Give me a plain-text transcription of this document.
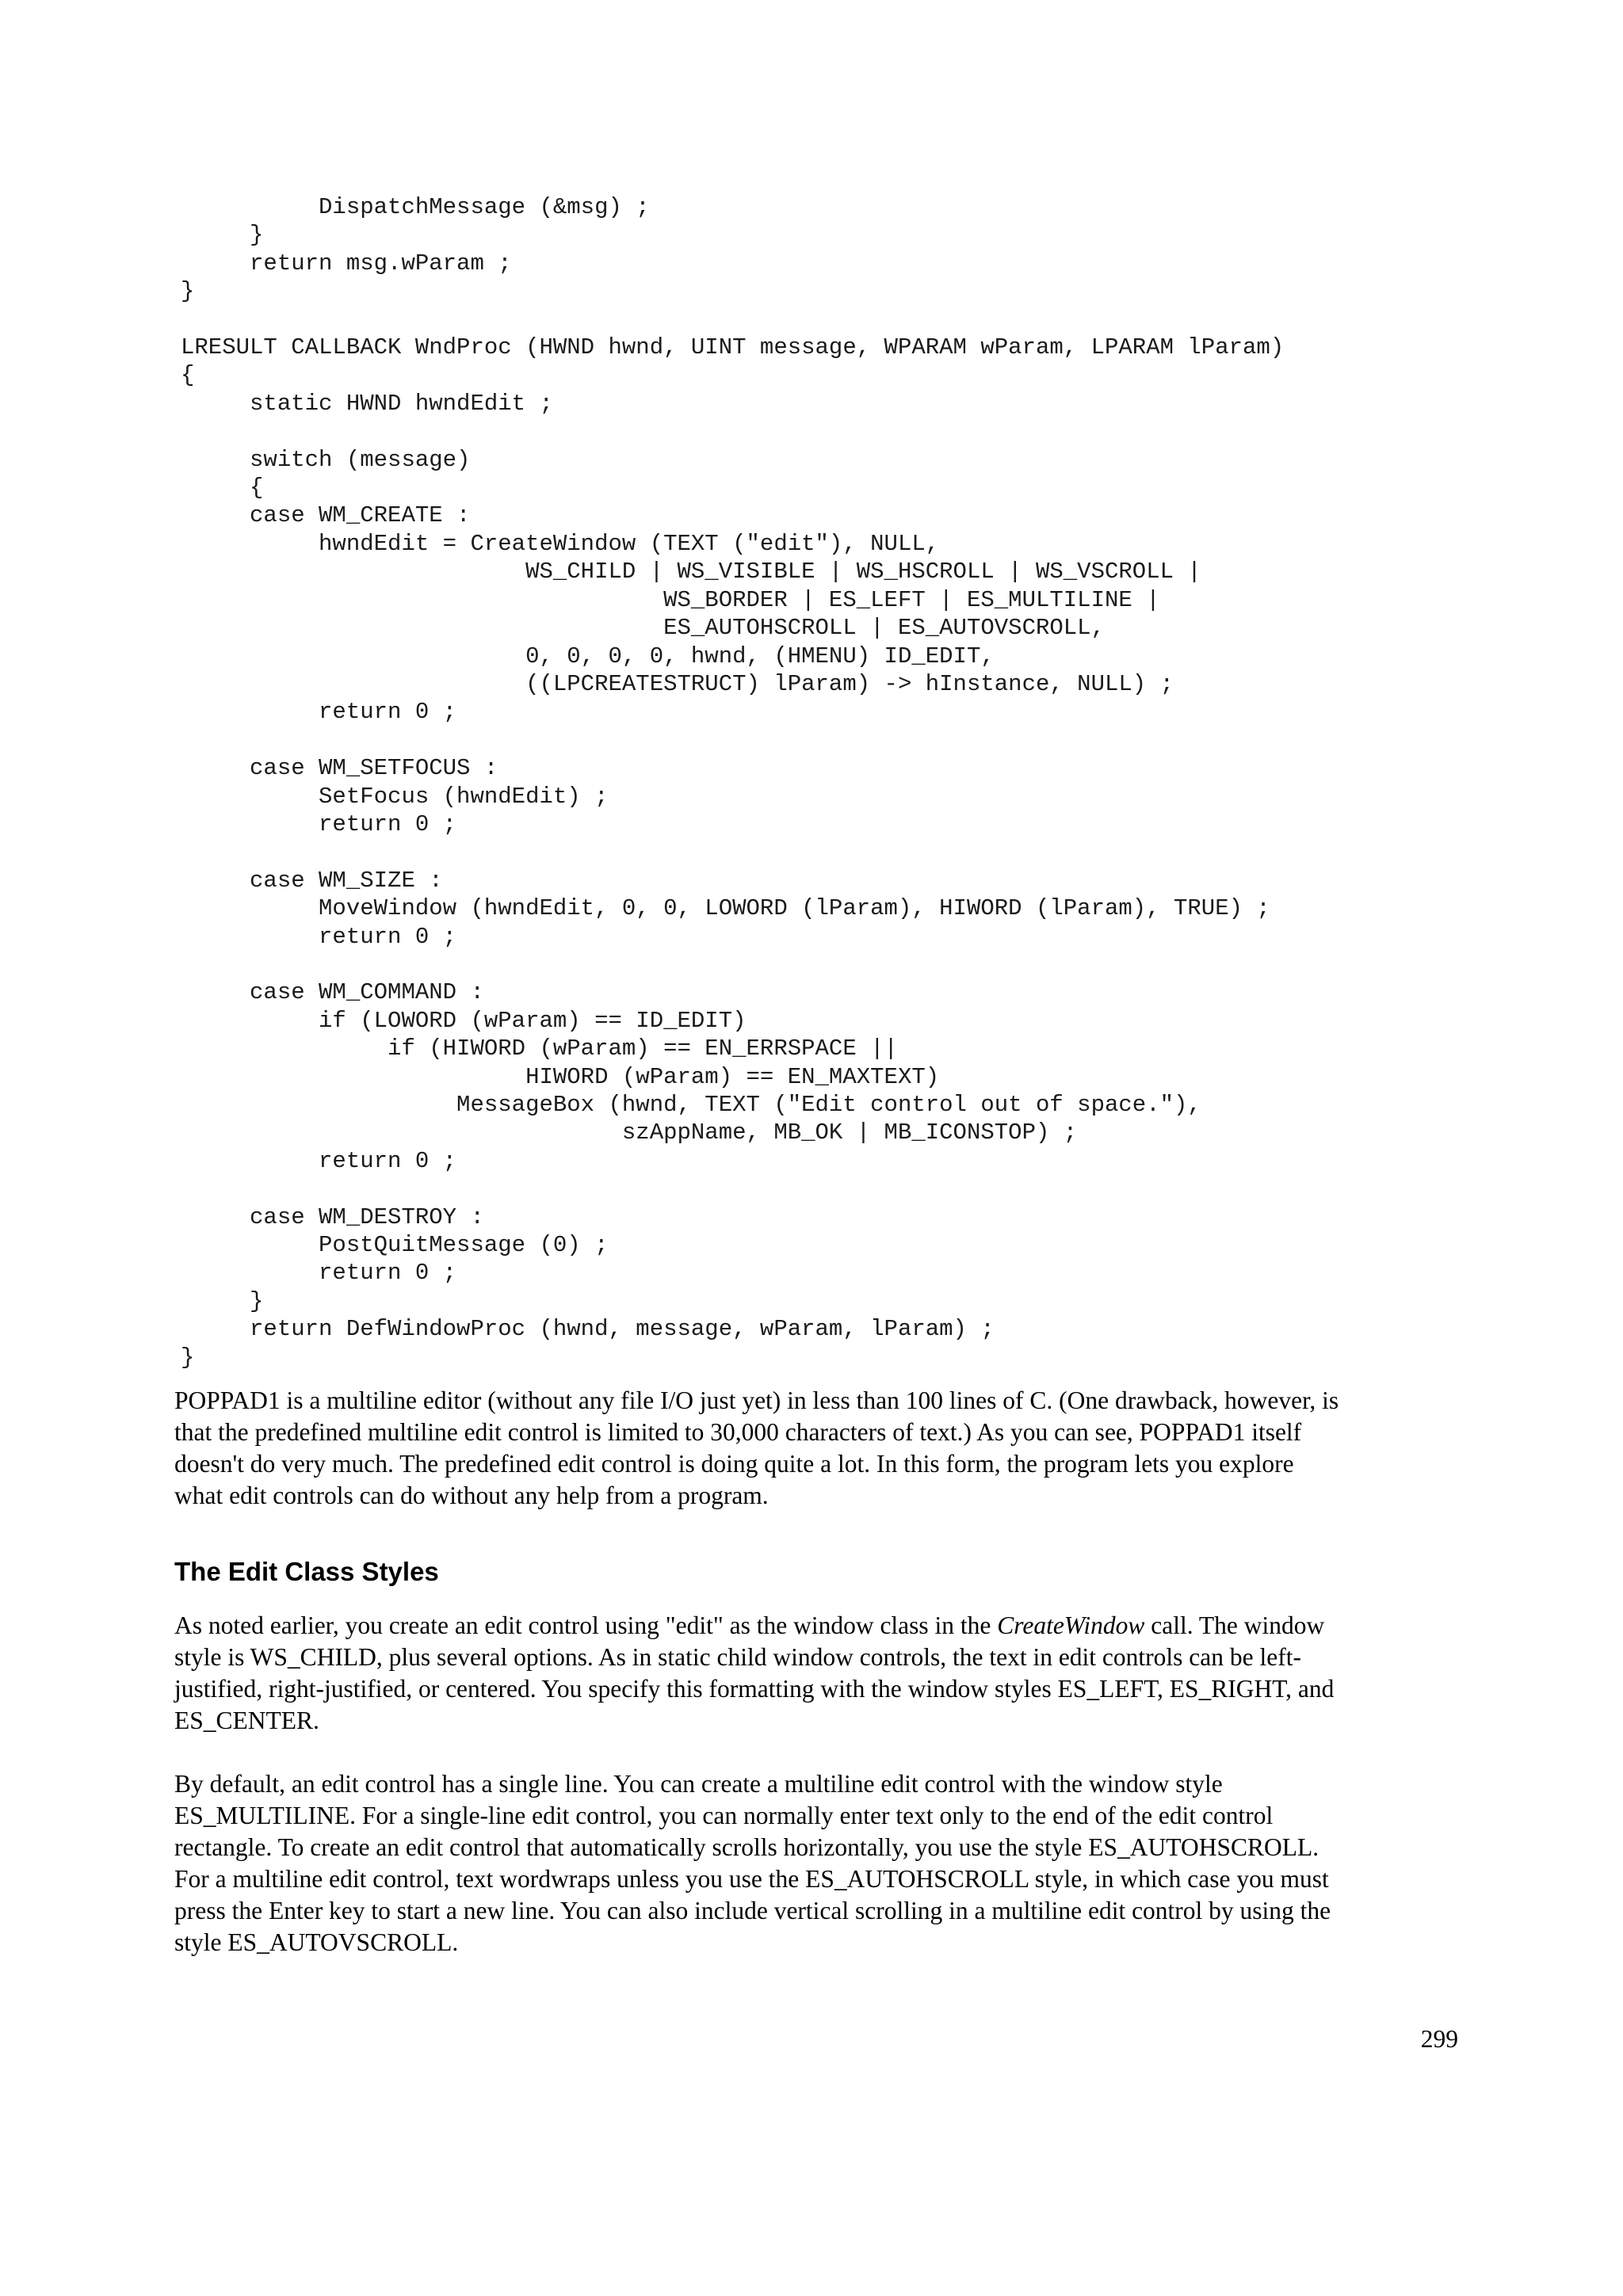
DispatchMessage (&msg) ;
}
return msg.wParam ;
}

LRESULT CALLBACK WndProc (HWND hwnd, UINT message, WPARAM wParam, LPARAM lParam)
{
static HWND hwndEdit ;

switch (message)
{
case WM_CREATE :
hwndEdit = CreateWindow (TEXT ("edit"), NULL,
WS_CHILD | WS_VISIBLE | WS_HSCROLL | WS_VSCROLL |
WS_BORDER | ES_LEFT | ES_MULTILINE |
ES_AUTOHSCROLL | ES_AUTOVSCROLL,
0, 0, 0, 0, hwnd, (HMENU) ID_EDIT,
((LPCREATESTRUCT) lParam) -> hInstance, NULL) ;
return 0 ;

case WM_SETFOCUS :
SetFocus (hwndEdit) ;
return 0 ;

case WM_SIZE :
MoveWindow (hwndEdit, 0, 0, LOWORD (lParam), HIWORD (lParam), TRUE) ;
return 0 ;

case WM_COMMAND :
if (LOWORD (wParam) == ID_EDIT)
if (HIWORD (wParam) == EN_ERRSPACE ||
HIWORD (wParam) == EN_MAXTEXT)
MessageBox (hwnd, TEXT ("Edit control out of space."),
szAppName, MB_OK | MB_ICONSTOP) ;
return 0 ;

case WM_DESTROY :
PostQuitMessage (0) ;
return 0 ;
}
return DefWindowProc (hwnd, message, wParam, lParam) ;
}
POPPAD1 is a multiline editor (without any file I/O just yet) in less than 100 lines of C. (One drawback, however, is
that the predefined multiline edit control is limited to 30,000 characters of text.) As you can see, POPPAD1 itself
doesn't do very much. The predefined edit control is doing quite a lot. In this form, the program lets you explore
what edit controls can do without any help from a program.
The Edit Class Styles
As noted earlier, you create an edit control using "edit" as the window class in the CreateWindow call. The window
style is WS_CHILD, plus several options. As in static child window controls, the text in edit controls can be left-
justified, right-justified, or centered. You specify this formatting with the window styles ES_LEFT, ES_RIGHT, and
ES_CENTER.
By default, an edit control has a single line. You can create a multiline edit control with the window style
ES_MULTILINE. For a single-line edit control, you can normally enter text only to the end of the edit control
rectangle. To create an edit control that automatically scrolls horizontally, you use the style ES_AUTOHSCROLL.
For a multiline edit control, text wordwraps unless you use the ES_AUTOHSCROLL style, in which case you must
press the Enter key to start a new line. You can also include vertical scrolling in a multiline edit control by using the
style ES_AUTOVSCROLL.
299
